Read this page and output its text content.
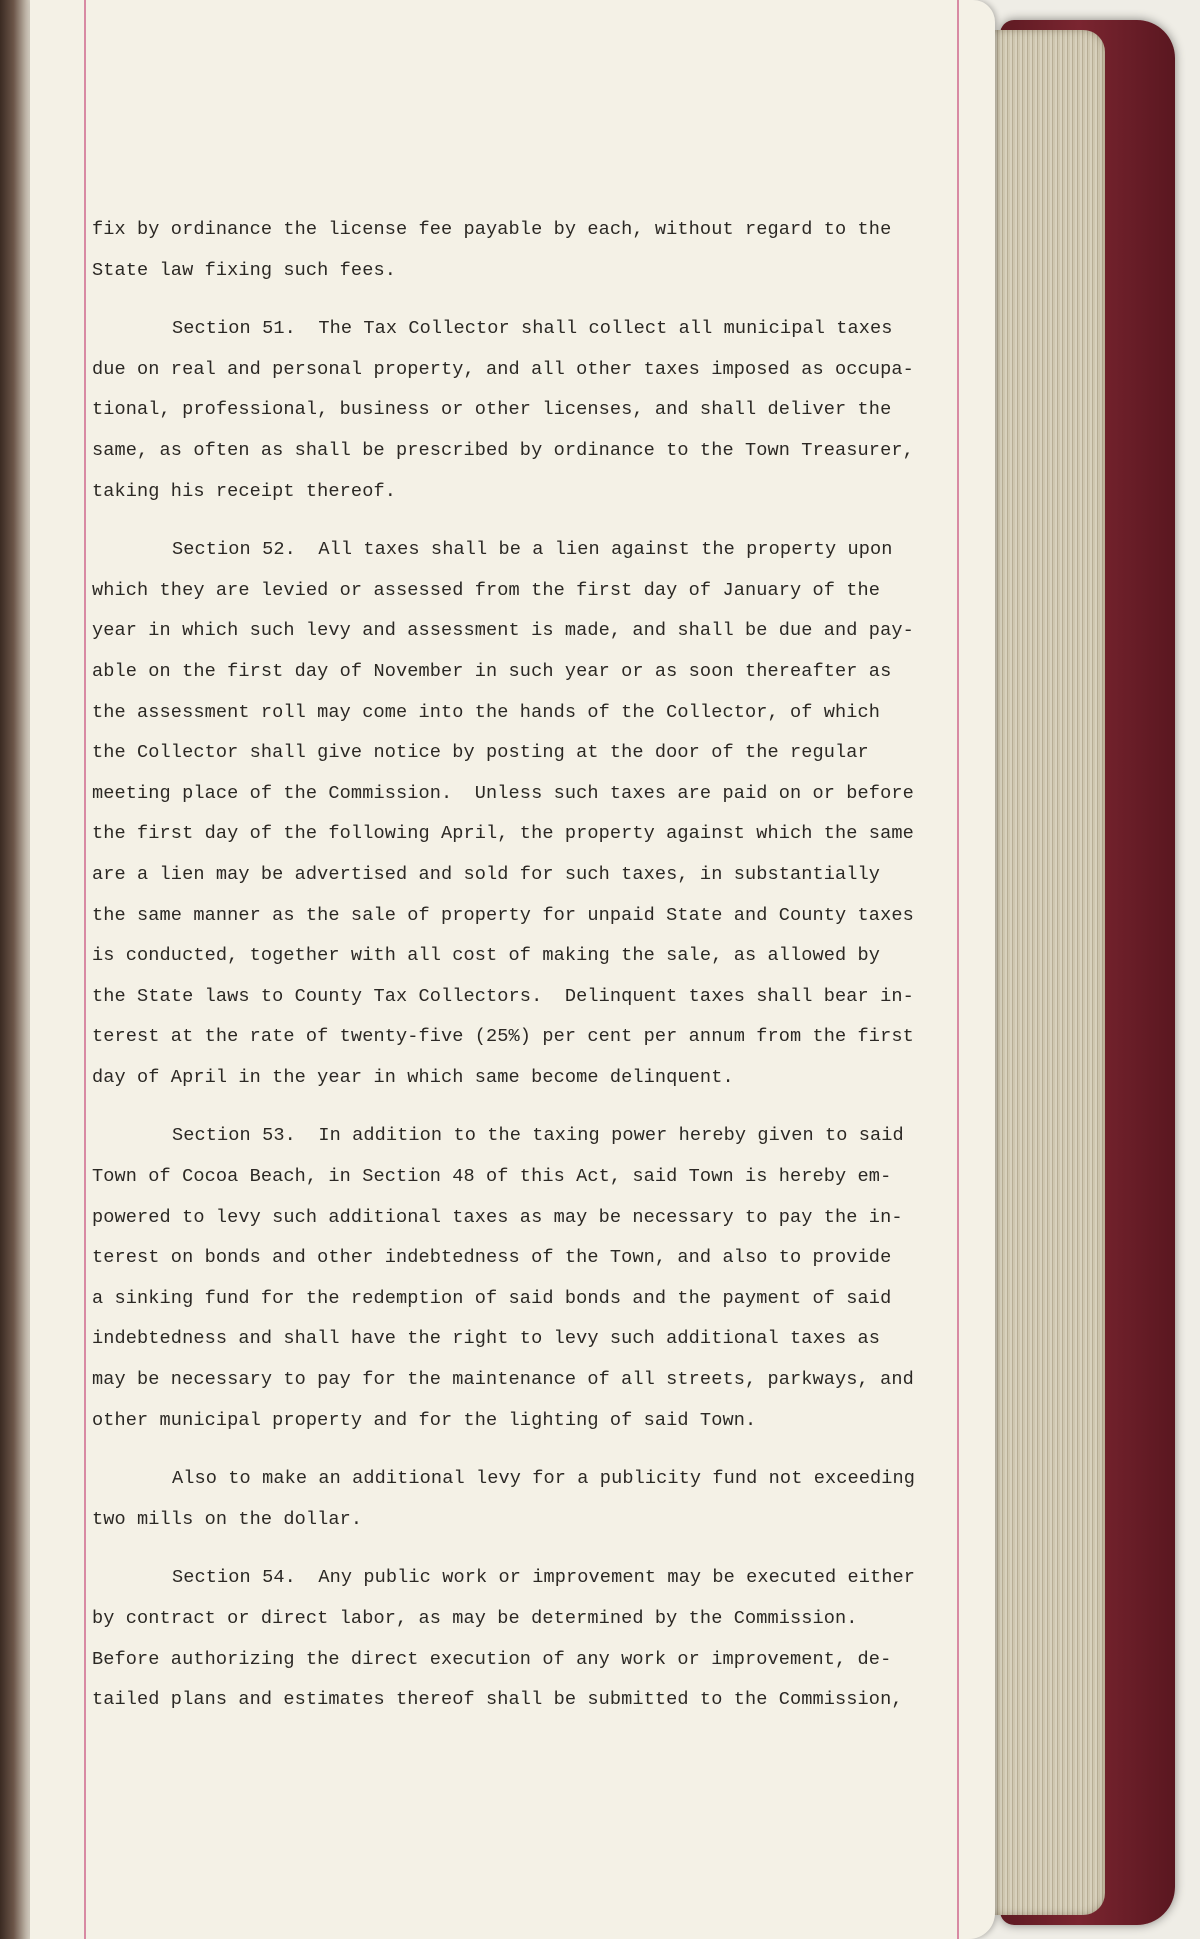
fix by ordinance the license fee payable by each, without regard to the
State law fixing such fees.
Section 51.  The Tax Collector shall collect all municipal taxes
due on real and personal property, and all other taxes imposed as occupa-
tional, professional, business or other licenses, and shall deliver the
same, as often as shall be prescribed by ordinance to the Town Treasurer,
taking his receipt thereof.
Section 52.  All taxes shall be a lien against the property upon
which they are levied or assessed from the first day of January of the
year in which such levy and assessment is made, and shall be due and pay-
able on the first day of November in such year or as soon thereafter as
the assessment roll may come into the hands of the Collector, of which
the Collector shall give notice by posting at the door of the regular
meeting place of the Commission.  Unless such taxes are paid on or before
the first day of the following April, the property against which the same
are a lien may be advertised and sold for such taxes, in substantially
the same manner as the sale of property for unpaid State and County taxes
is conducted, together with all cost of making the sale, as allowed by
the State laws to County Tax Collectors.  Delinquent taxes shall bear in-
terest at the rate of twenty-five (25%) per cent per annum from the first
day of April in the year in which same become delinquent.
Section 53.  In addition to the taxing power hereby given to said
Town of Cocoa Beach, in Section 48 of this Act, said Town is hereby em-
powered to levy such additional taxes as may be necessary to pay the in-
terest on bonds and other indebtedness of the Town, and also to provide
a sinking fund for the redemption of said bonds and the payment of said
indebtedness and shall have the right to levy such additional taxes as
may be necessary to pay for the maintenance of all streets, parkways, and
other municipal property and for the lighting of said Town.
Also to make an additional levy for a publicity fund not exceeding
two mills on the dollar.
Section 54.  Any public work or improvement may be executed either
by contract or direct labor, as may be determined by the Commission.
Before authorizing the direct execution of any work or improvement, de-
tailed plans and estimates thereof shall be submitted to the Commission,
